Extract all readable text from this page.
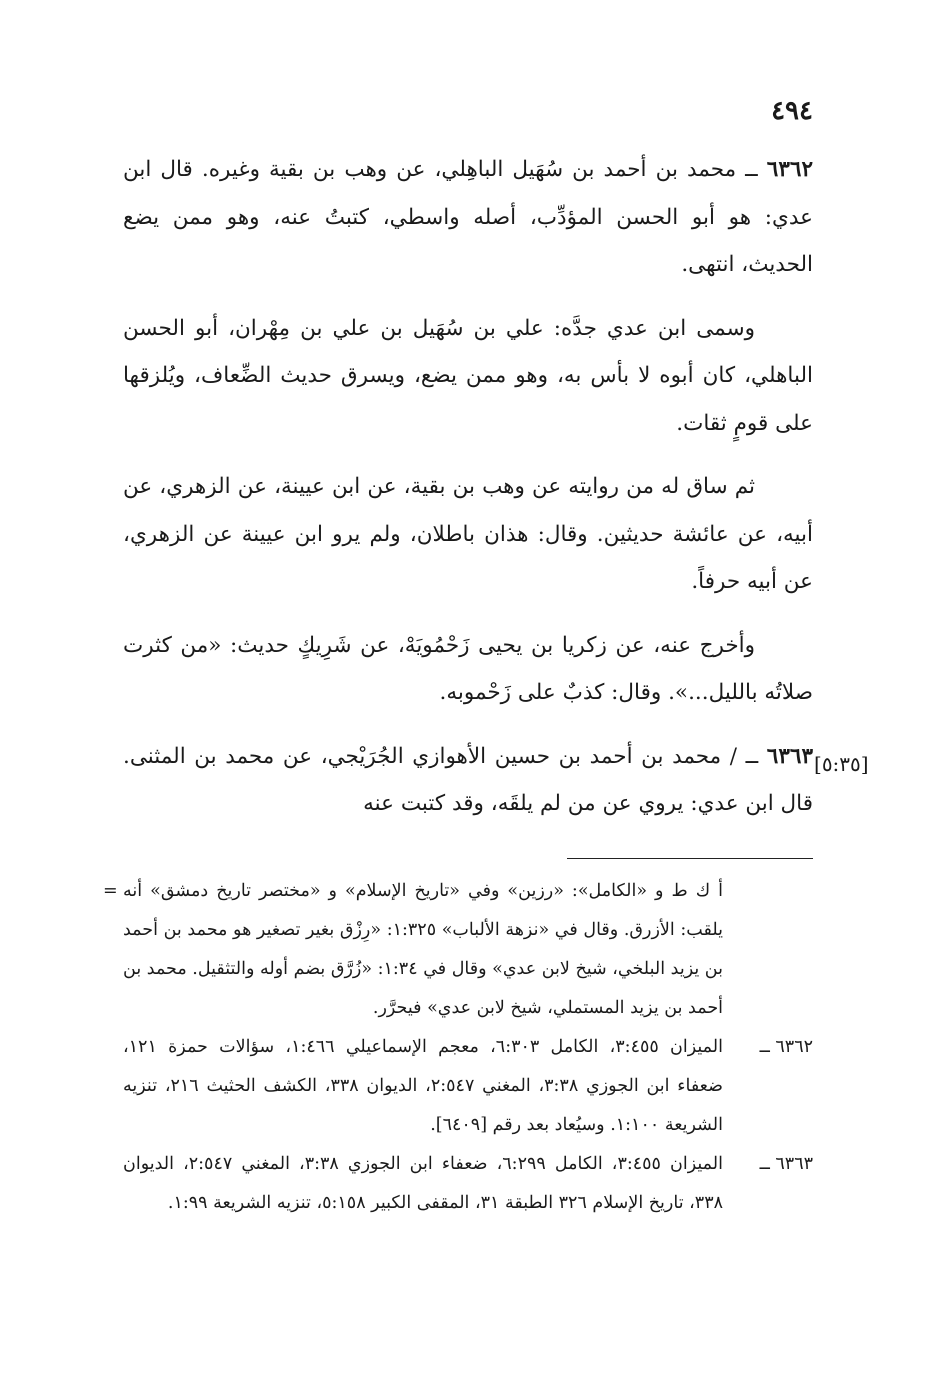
٤٩٤

٦٣٦٢ ــ محمد بن أحمد بن سُهَيل الباهِلي، عن وهب بن بقية وغيره. قال ابن عدي: هو أبو الحسن المؤدِّب، أصله واسطي، كتبتُ عنه، وهو ممن يضع الحديث، انتهى.

وسمى ابن عدي جدَّه: علي بن سُهَيل بن علي بن مِهْران، أبو الحسن الباهلي، كان أبوه لا بأس به، وهو ممن يضع، ويسرق حديث الضِّعاف، ويُلزقها على قومٍ ثقات.

ثم ساق له من روايته عن وهب بن بقية، عن ابن عيينة، عن الزهري، عن أبيه، عن عائشة حديثين. وقال: هذان باطلان، ولم يرو ابن عيينة عن الزهري، عن أبيه حرفاً.

وأخرج عنه، عن زكريا بن يحيى زَحْمُويَهْ، عن شَرِيكٍ حديث: «من كثرت صلاتُه بالليل...». وقال: كذبٌ على زَحْموبه.

٦٣٦٣ ــ / محمد بن أحمد بن حسين الأهوازي الجُرَيْجي، عن محمد بن المثنى. قال ابن عدي: يروي عن من لم يلقَه، وقد كتبت عنه

[٥:٣٥]
= أ ك ط و «الكامل»: «رزين» وفي «تاريخ الإسلام» و «مختصر تاريخ دمشق» أنه يلقب: الأزرق. وقال في «نزهة الألباب» ١:٣٢٥: «رِزْق بغير تصغير هو محمد بن أحمد بن يزيد البلخي، شيخ لابن عدي» وقال في ١:٣٤: «زُرَّق بضم أوله والتثقيل. محمد بن أحمد بن يزيد المستملي، شيخ لابن عدي» فيحرَّر.
٦٣٦٢ ــ
الميزان ٣:٤٥٥، الكامل ٦:٣٠٣، معجم الإسماعيلي ١:٤٦٦، سؤالات حمزة ١٢١، ضعفاء ابن الجوزي ٣:٣٨، المغني ٢:٥٤٧، الديوان ٣٣٨، الكشف الحثيث ٢١٦، تنزيه الشريعة ١:١٠٠. وسيُعاد بعد رقم [٦٤٠٩].
٦٣٦٣ ــ
الميزان ٣:٤٥٥، الكامل ٦:٢٩٩، ضعفاء ابن الجوزي ٣:٣٨، المغني ٢:٥٤٧، الديوان ٣٣٨، تاريخ الإسلام ٣٢٦ الطبقة ٣١، المقفى الكبير ٥:١٥٨، تنزيه الشريعة ١:٩٩.
